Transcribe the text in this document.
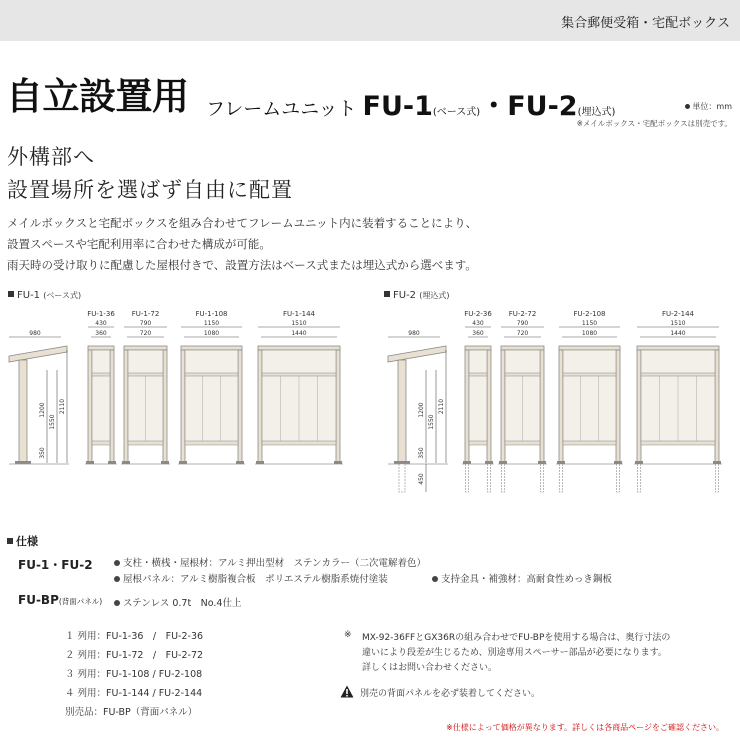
集合郵便受箱・宅配ボックス
自立設置用 フレームユニット FU-1(ベース式)・FU-2(埋込式)
単位：mm
※メイルボックス・宅配ボックスは別売です。
外構部へ
設置場所を選ばず自由に配置
メイルボックスと宅配ボックスを組み合わせてフレームユニット内に装着することにより、
設置スペースや宅配利用率に合わせた構成が可能。
雨天時の受け取りに配慮した屋根付きで、設置方法はベース式または埋込式から選べます。
FU-1 (ベース式)	FU-2 (埋込式)
980
2110
1550
1200
350
FU-1-36
430
360
FU-1-72
790
720
FU-1-108
1150
1080
FU-1-144
1510
1440	980
2110
1550
1200
350
450
FU-2-36
430
360
FU-2-72
790
720
FU-2-108
1150
1080
FU-2-144
1510
1440
仕様
FU-1・FU-2	支柱・横桟・屋根材：アルミ押出型材　ステンカラー（二次電解着色）
屋根パネル：アルミ樹脂複合板　ポリエステル樹脂系焼付塗装	支持金具・補強材：高耐食性めっき鋼板
FU-BP(背面パネル)	ステンレス 0.7t　No.4仕上
１ 列用：FU-1-36　/　FU-2-36
２ 列用：FU-1-72　/　FU-2-72
３ 列用：FU-1-108 / FU-2-108
４ 列用：FU-1-144 / FU-2-144
別売品：FU-BP（背面パネル）
※ MX-92-36FFとGX36Rの組み合わせでFU-BPを使用する場合は、奥行寸法の
違いにより段差が生じるため、別途専用スペーサー部品が必要になります。
詳しくはお問い合わせください。
別売の背面パネルを必ず装着してください。
※仕様によって価格が異なります。詳しくは各商品ページをご確認ください。
